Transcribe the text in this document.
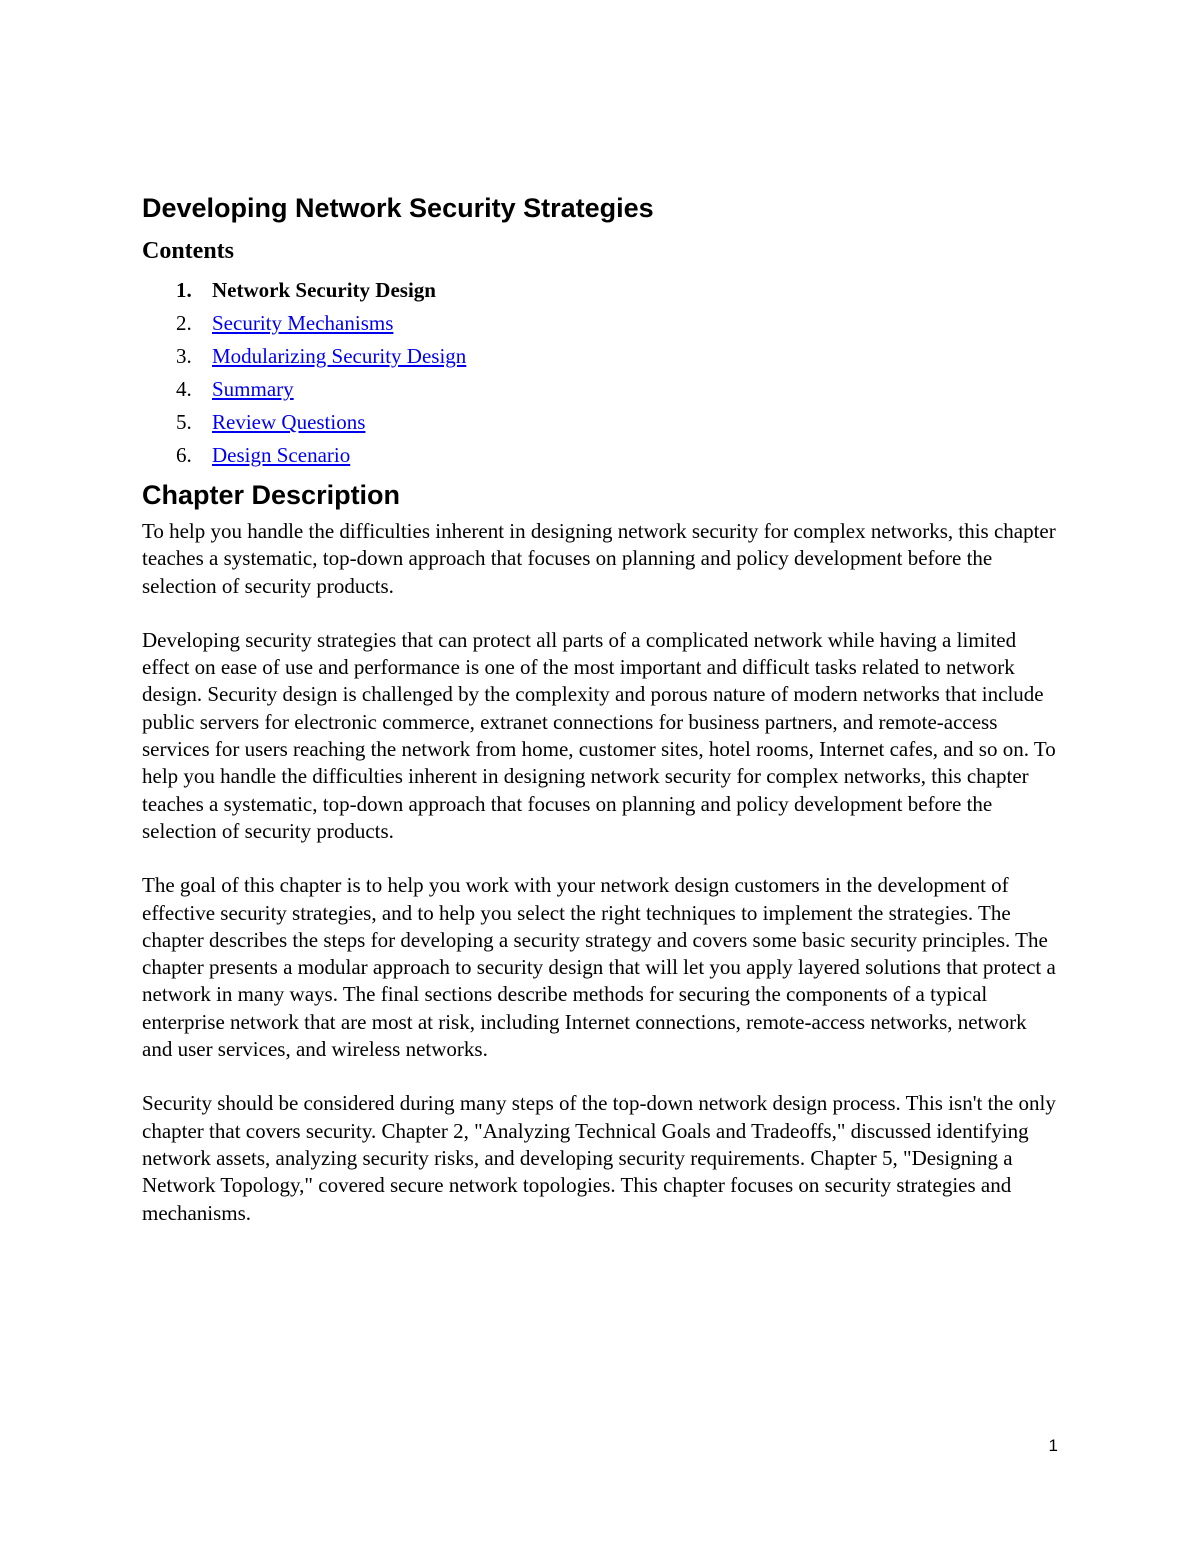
Developing Network Security Strategies
Contents
1. Network Security Design
2. Security Mechanisms
3. Modularizing Security Design
4. Summary
5. Review Questions
6. Design Scenario
Chapter Description

To help you handle the difficulties inherent in designing network security for complex networks, this chapter teaches a systematic, top-down approach that focuses on planning and policy development before the selection of security products.

Developing security strategies that can protect all parts of a complicated network while having a limited effect on ease of use and performance is one of the most important and difficult tasks related to network design. Security design is challenged by the complexity and porous nature of modern networks that include public servers for electronic commerce, extranet connections for business partners, and remote-access services for users reaching the network from home, customer sites, hotel rooms, Internet cafes, and so on. To help you handle the difficulties inherent in designing network security for complex networks, this chapter teaches a systematic, top-down approach that focuses on planning and policy development before the selection of security products.

The goal of this chapter is to help you work with your network design customers in the development of effective security strategies, and to help you select the right techniques to implement the strategies. The chapter describes the steps for developing a security strategy and covers some basic security principles. The chapter presents a modular approach to security design that will let you apply layered solutions that protect a network in many ways. The final sections describe methods for securing the components of a typical enterprise network that are most at risk, including Internet connections, remote-access networks, network and user services, and wireless networks.

Security should be considered during many steps of the top-down network design process. This isn't the only chapter that covers security. Chapter 2, "Analyzing Technical Goals and Tradeoffs," discussed identifying network assets, analyzing security risks, and developing security requirements. Chapter 5, "Designing a Network Topology," covered secure network topologies. This chapter focuses on security strategies and mechanisms.

1
